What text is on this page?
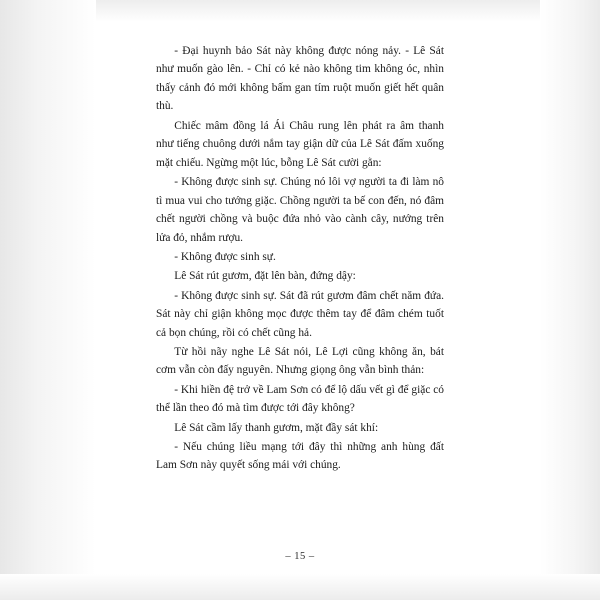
- Đại huynh bảo Sát này không được nóng nảy. - Lê Sát như muốn gào lên. - Chỉ có kẻ nào không tim không óc, nhìn thấy cảnh đó mới không bấm gan tím ruột muốn giết hết quân thù.

Chiếc mâm đồng lá Ái Châu rung lên phát ra âm thanh như tiếng chuông dưới nắm tay giận dữ của Lê Sát đấm xuống mặt chiếu. Ngừng một lúc, bỗng Lê Sát cười gằn:

- Không được sinh sự. Chúng nó lôi vợ người ta đi làm nô tì mua vui cho tướng giặc. Chồng người ta bế con đến, nó đâm chết người chồng và buộc đứa nhỏ vào cành cây, nướng trên lửa đỏ, nhắm rượu.

- Không được sinh sự.

Lê Sát rút gươm, đặt lên bàn, đứng dậy:

- Không được sinh sự. Sát đã rút gươm đâm chết năm đứa. Sát này chỉ giận không mọc được thêm tay để đâm chém tuốt cả bọn chúng, rồi có chết cũng hả.

Từ hồi nãy nghe Lê Sát nói, Lê Lợi cũng không ăn, bát cơm vẫn còn đấy nguyên. Nhưng giọng ông vẫn bình thản:

- Khi hiền đệ trở về Lam Sơn có để lộ dấu vết gì để giặc có thể lần theo đó mà tìm được tới đây không?

Lê Sát cầm lấy thanh gươm, mặt đầy sát khí:

- Nếu chúng liều mạng tới đây thì những anh hùng đất Lam Sơn này quyết sống mái với chúng.

– 15 –
